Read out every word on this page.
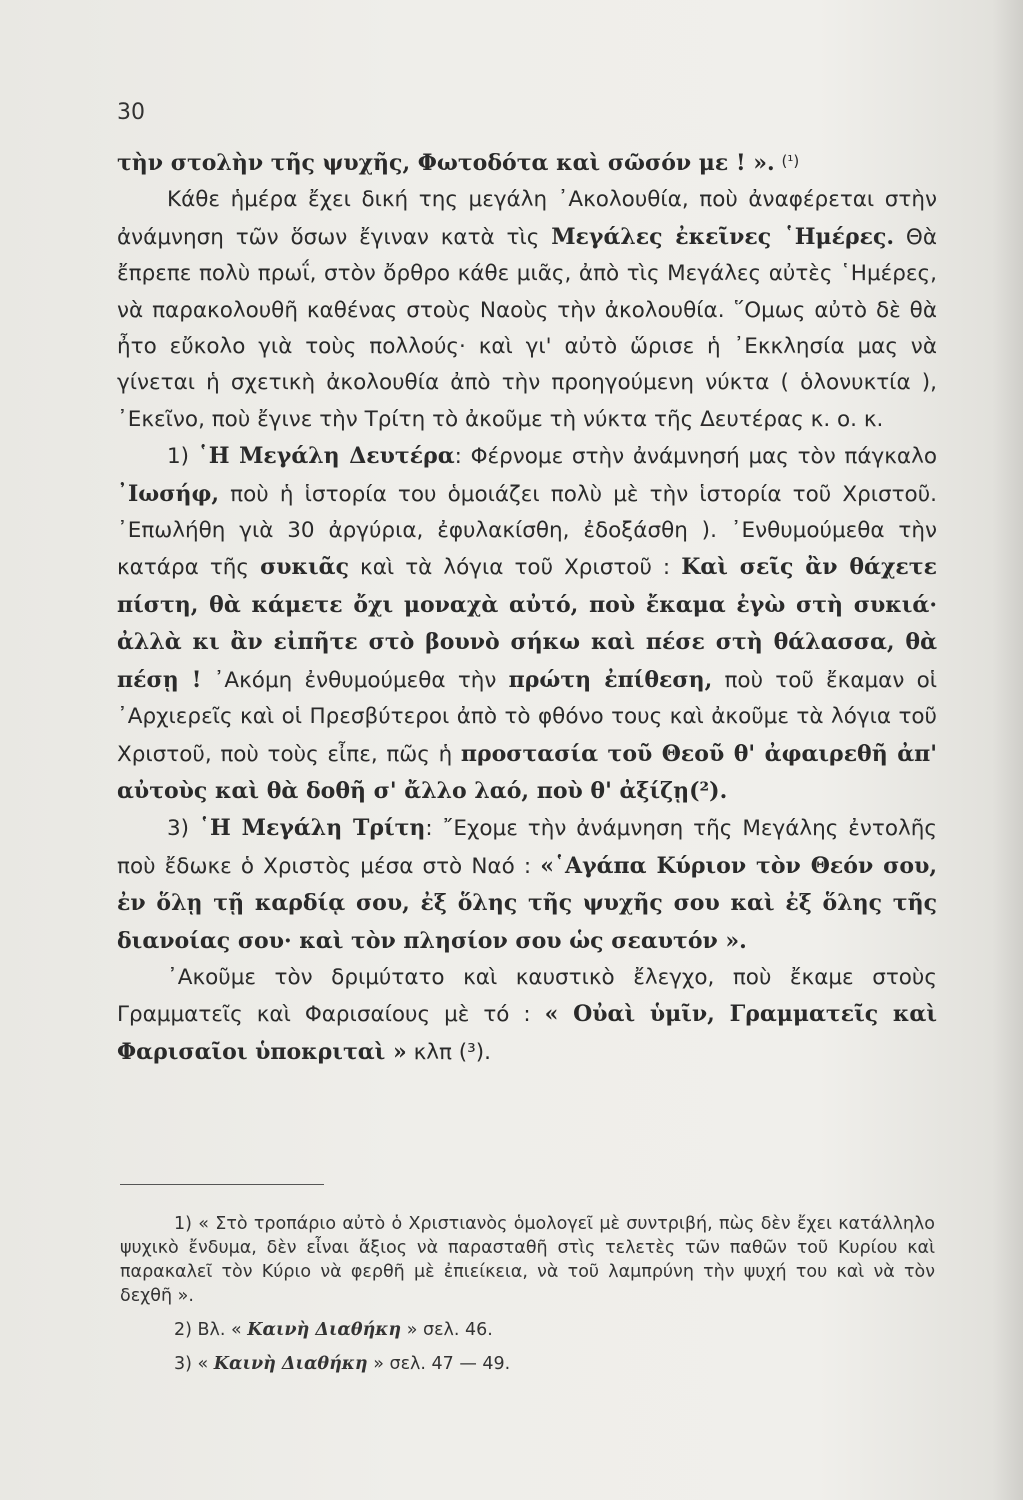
30

τὴν στολὴν τῆς ψυχῆς, Φωτοδότα καὶ σῶσόν με ! ». (¹)

Κάθε ἡμέρα ἔχει δική της μεγάλη ᾿Ακολουθία, ποὺ ἀναφέρεται στὴν ἀνάμνηση τῶν ὅσων ἔγιναν κατὰ τὶς Μεγάλες ἐκεῖνες ῾Ημέρες. Θὰ ἔπρεπε πολὺ πρωΐ, στὸν ὄρθρο κάθε μιᾶς, ἀπὸ τὶς Μεγάλες αὐτὲς ῾Ημέρες, νὰ παρακολουθῆ καθένας στοὺς Ναοὺς τὴν ἀκολουθία. ῞Ομως αὐτὸ δὲ θὰ ἦτο εὔκολο γιὰ τοὺς πολλούς· καὶ γι' αὐτὸ ὥρισε ἡ ᾿Εκκλησία μας νὰ γίνεται ἡ σχετικὴ ἀκολουθία ἀπὸ τὴν προηγούμενη νύκτα ( ὁλονυκτία ), ᾿Εκεῖνο, ποὺ ἔγινε τὴν Τρίτη τὸ ἀκοῦμε τὴ νύκτα τῆς Δευτέρας κ. ο. κ.

1) ῾Η Μεγάλη Δευτέρα: Φέρνομε στὴν ἀνάμνησή μας τὸν πάγκαλο ᾿Ιωσήφ, ποὺ ἡ ἱστορία του ὁμοιάζει πολὺ μὲ τὴν ἱστορία τοῦ Χριστοῦ. ᾿Επωλήθη γιὰ 30 ἀργύρια, ἐφυλακίσθη, ἐδοξάσθη ). ᾿Ενθυμούμεθα τὴν κατάρα τῆς συκιᾶς καὶ τὰ λόγια τοῦ Χριστοῦ : Καὶ σεῖς ἂν θάχετε πίστη, θὰ κάμετε ὄχι μοναχὰ αὐτό, ποὺ ἔκαμα ἐγὼ στὴ συκιά· ἀλλὰ κι ἂν εἰπῆτε στὸ βουνὸ σήκω καὶ πέσε στὴ θάλασσα, θὰ πέσῃ ! ᾿Ακόμη ἐνθυμούμεθα τὴν πρώτη ἐπίθεση, ποὺ τοῦ ἔκαμαν οἱ ᾿Αρχιερεῖς καὶ οἱ Πρεσβύτεροι ἀπὸ τὸ φθόνο τους καὶ ἀκοῦμε τὰ λόγια τοῦ Χριστοῦ, ποὺ τοὺς εἶπε, πῶς ἡ προστασία τοῦ Θεοῦ θ' ἀφαιρεθῆ ἀπ' αὐτοὺς καὶ θὰ δοθῆ σ' ἄλλο λαό, ποὺ θ' ἀξίζῃ(²).

3) ῾Η Μεγάλη Τρίτη: ῎Εχομε τὴν ἀνάμνηση τῆς Μεγάλης ἐντολῆς ποὺ ἔδωκε ὁ Χριστὸς μέσα στὸ Ναό : «῾Αγάπα Κύριον τὸν Θεόν σου, ἐν ὅλῃ τῇ καρδίᾳ σου, ἐξ ὅλης τῆς ψυχῆς σου καὶ ἐξ ὅλης τῆς διανοίας σου· καὶ τὸν πλησίον σου ὡς σεαυτόν ».

᾿Ακοῦμε τὸν δριμύτατο καὶ καυστικὸ ἔλεγχο, ποὺ ἔκαμε στοὺς Γραμματεῖς καὶ Φαρισαίους μὲ τό : « Οὐαὶ ὑμῖν, Γραμματεῖς καὶ Φαρισαῖοι ὑποκριταὶ » κλπ (³).

1) « Στὸ τροπάριο αὐτὸ ὁ Χριστιανὸς ὁμολογεῖ μὲ συντριβή, πὼς δὲν ἔχει κατάλληλο ψυχικὸ ἔνδυμα, δὲν εἶναι ἄξιος νὰ παρασταθῆ στὶς τελετὲς τῶν παθῶν τοῦ Κυρίου καὶ παρακαλεῖ τὸν Κύριο νὰ φερθῆ μὲ ἐπιείκεια, νὰ τοῦ λαμπρύνη τὴν ψυχή του καὶ νὰ τὸν δεχθῆ ».

2) Βλ. « Καινὴ Διαθήκη » σελ. 46.

3) « Καινὴ Διαθήκη » σελ. 47 — 49.
